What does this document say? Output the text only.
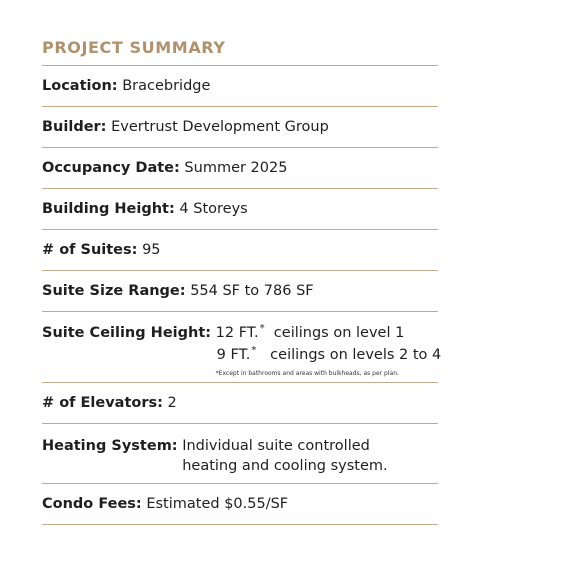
PROJECT SUMMARY
Location:
Bracebridge
Builder:
Evertrust Development Group
Occupancy Date:
Summer 2025
Building Height:
4 Storeys
# of Suites:
95
Suite Size Range:
554 SF to 786 SF
Suite Ceiling Height:
12 FT.* ceilings on level 1
9 FT.* ceilings on levels 2 to 4
*Except in bathrooms and areas with bulkheads, as per plan.
# of Elevators:
2
Heating System:
Individual suite controlled
heating and cooling system.
Condo Fees:
Estimated $0.55/SF
